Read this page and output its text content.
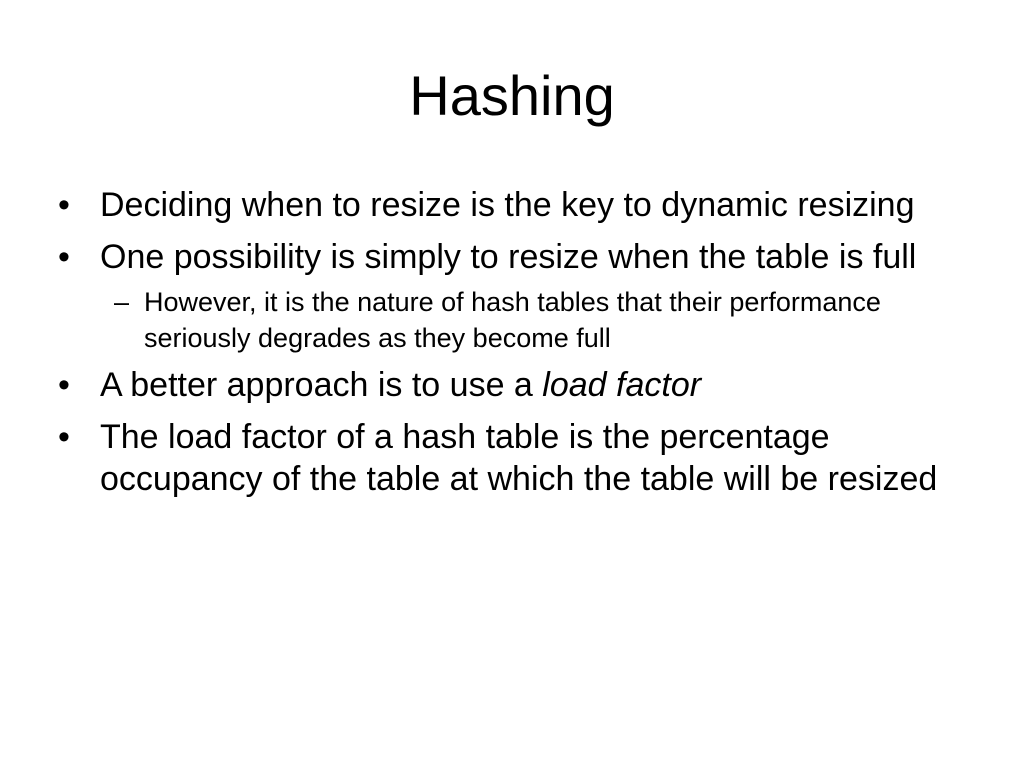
Hashing
• Deciding when to resize is the key to dynamic resizing
• One possibility is simply to resize when the table is full
– However, it is the nature of hash tables that their performance seriously degrades as they become full
• A better approach is to use a load factor
• The load factor of a hash table is the percentage occupancy of the table at which the table will be resized
